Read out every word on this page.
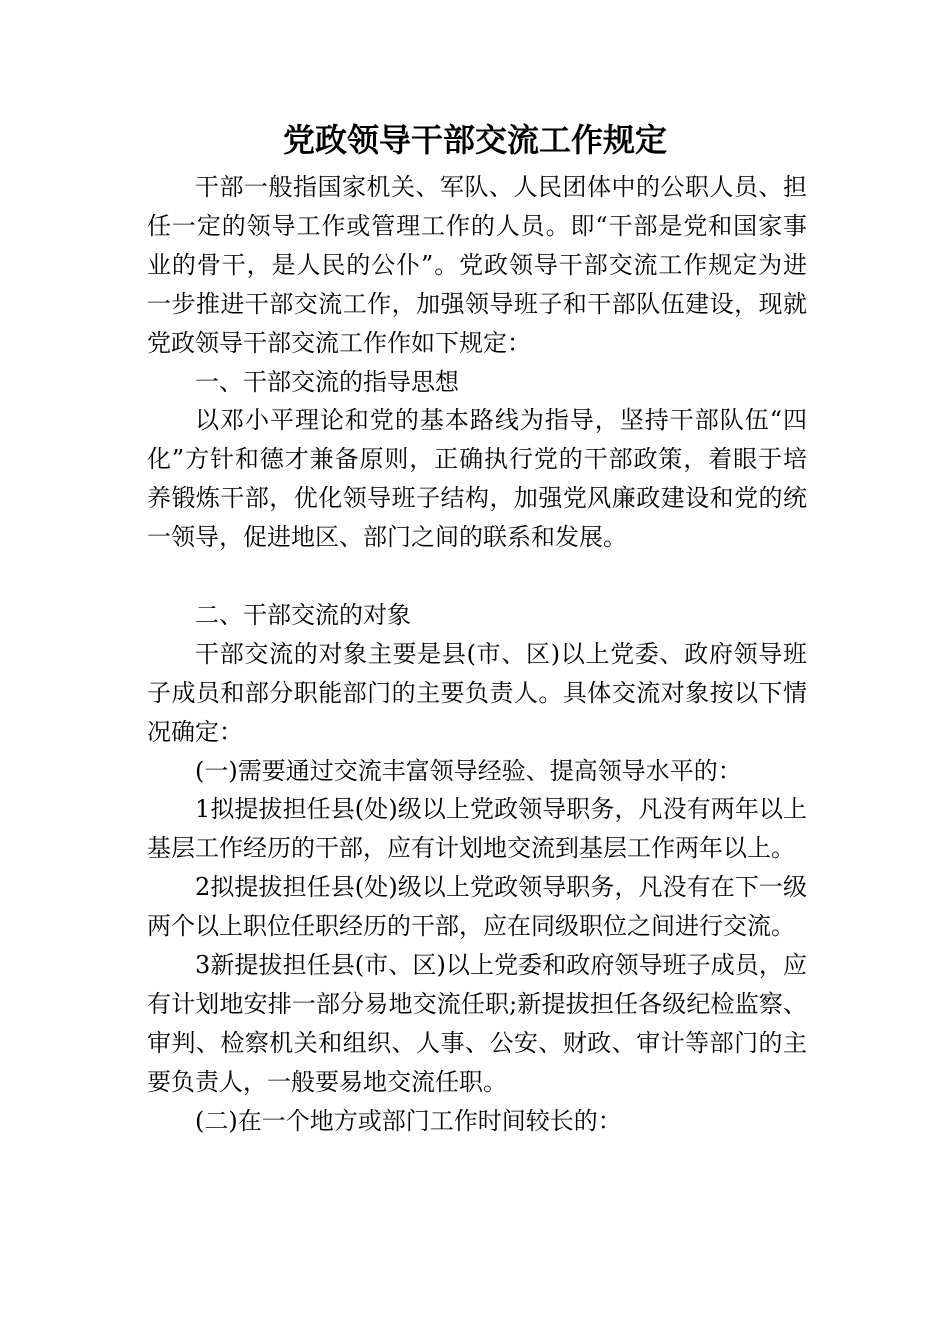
党政领导干部交流工作规定

干部一般指国家机关、军队、人民团体中的公职人员、担任一定的领导工作或管理工作的人员。即“干部是党和国家事业的骨干，是人民的公仆”。党政领导干部交流工作规定为进一步推进干部交流工作，加强领导班子和干部队伍建设，现就党政领导干部交流工作作如下规定：

一、干部交流的指导思想

以邓小平理论和党的基本路线为指导，坚持干部队伍“四化”方针和德才兼备原则，正确执行党的干部政策，着眼于培养锻炼干部，优化领导班子结构，加强党风廉政建设和党的统一领导，促进地区、部门之间的联系和发展。

二、干部交流的对象

干部交流的对象主要是县(市、区)以上党委、政府领导班子成员和部分职能部门的主要负责人。具体交流对象按以下情况确定：

(一)需要通过交流丰富领导经验、提高领导水平的：

1拟提拔担任县(处)级以上党政领导职务，凡没有两年以上基层工作经历的干部，应有计划地交流到基层工作两年以上。

2拟提拔担任县(处)级以上党政领导职务，凡没有在下一级两个以上职位任职经历的干部，应在同级职位之间进行交流。

3新提拔担任县(市、区)以上党委和政府领导班子成员，应有计划地安排一部分易地交流任职;新提拔担任各级纪检监察、审判、检察机关和组织、人事、公安、财政、审计等部门的主要负责人，一般要易地交流任职。

(二)在一个地方或部门工作时间较长的：
